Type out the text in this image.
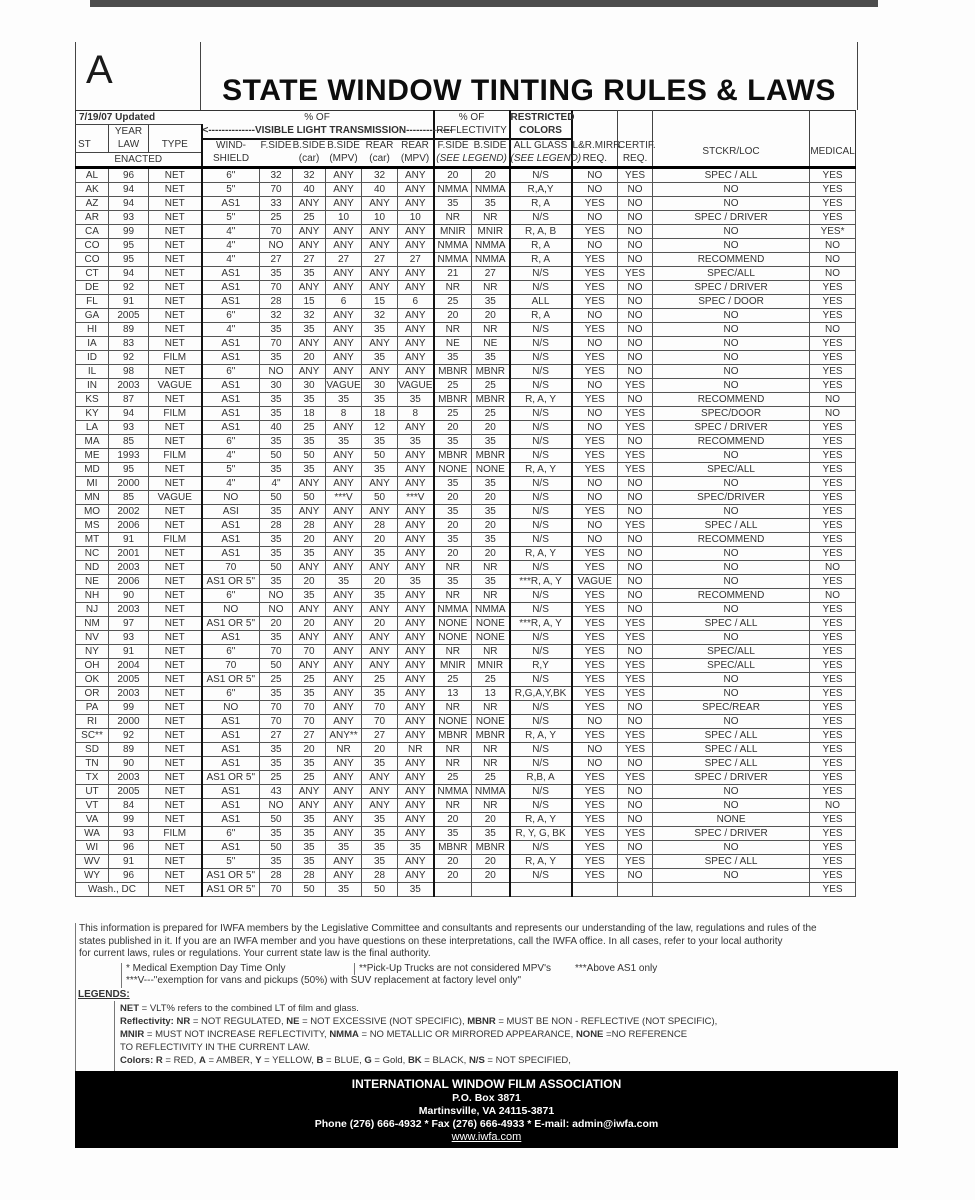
A	STATE WINDOW TINTING RULES & LAWS
7/19/07 Updated			% OF						% OF		RESTRICTED				
	YEAR		<--------------VISIBLE LIGHT TRANSMISSION--------------						REFLECTIVITY		COLORS				
ST	LAW	TYPE	WIND-	F.SIDE	B.SIDE	B.SIDE	REAR	REAR	F.SIDE	B.SIDE	ALL GLASS	L&R.MIRR.	CERTIF.	STCKR/LOC	MEDICAL
ENACTED			SHIELD		(car)	(MPV)	(car)	(MPV)	(SEE LEGEND)		(SEE LEGEND)	REQ.	REQ.		
AL	96	NET	6"	32	32	ANY	32	ANY	20	20	N/S	NO	YES	SPEC / ALL	YES
AK	94	NET	5"	70	40	ANY	40	ANY	NMMA	NMMA	R,A,Y	NO	NO	NO	YES
AZ	94	NET	AS1	33	ANY	ANY	ANY	ANY	35	35	R, A	YES	NO	NO	YES
AR	93	NET	5"	25	25	10	10	10	NR	NR	N/S	NO	NO	SPEC / DRIVER	YES
CA	99	NET	4"	70	ANY	ANY	ANY	ANY	MNIR	MNIR	R, A, B	YES	NO	NO	YES*
CO	95	NET	4"	NO	ANY	ANY	ANY	ANY	NMMA	NMMA	R, A	NO	NO	NO	NO
CO	95	NET	4"	27	27	27	27	27	NMMA	NMMA	R, A	YES	NO	RECOMMEND	NO
CT	94	NET	AS1	35	35	ANY	ANY	ANY	21	27	N/S	YES	YES	SPEC/ALL	NO
DE	92	NET	AS1	70	ANY	ANY	ANY	ANY	NR	NR	N/S	YES	NO	SPEC / DRIVER	YES
FL	91	NET	AS1	28	15	6	15	6	25	35	ALL	YES	NO	SPEC / DOOR	YES
GA	2005	NET	6"	32	32	ANY	32	ANY	20	20	R, A	NO	NO	NO	YES
HI	89	NET	4"	35	35	ANY	35	ANY	NR	NR	N/S	YES	NO	NO	NO
IA	83	NET	AS1	70	ANY	ANY	ANY	ANY	NE	NE	N/S	NO	NO	NO	YES
ID	92	FILM	AS1	35	20	ANY	35	ANY	35	35	N/S	YES	NO	NO	YES
IL	98	NET	6"	NO	ANY	ANY	ANY	ANY	MBNR	MBNR	N/S	YES	NO	NO	YES
IN	2003	VAGUE	AS1	30	30	VAGUE	30	VAGUE	25	25	N/S	NO	YES	NO	YES
KS	87	NET	AS1	35	35	35	35	35	MBNR	MBNR	R, A, Y	YES	NO	RECOMMEND	NO
KY	94	FILM	AS1	35	18	8	18	8	25	25	N/S	NO	YES	SPEC/DOOR	NO
LA	93	NET	AS1	40	25	ANY	12	ANY	20	20	N/S	NO	YES	SPEC / DRIVER	YES
MA	85	NET	6"	35	35	35	35	35	35	35	N/S	YES	NO	RECOMMEND	YES
ME	1993	FILM	4"	50	50	ANY	50	ANY	MBNR	MBNR	N/S	YES	YES	NO	YES
MD	95	NET	5"	35	35	ANY	35	ANY	NONE	NONE	R, A, Y	YES	YES	SPEC/ALL	YES
MI	2000	NET	4"	4"	ANY	ANY	ANY	ANY	35	35	N/S	NO	NO	NO	YES
MN	85	VAGUE	NO	50	50	***V	50	***V	20	20	N/S	NO	NO	SPEC/DRIVER	YES
MO	2002	NET	ASI	35	ANY	ANY	ANY	ANY	35	35	N/S	YES	NO	NO	YES
MS	2006	NET	AS1	28	28	ANY	28	ANY	20	20	N/S	NO	YES	SPEC / ALL	YES
MT	91	FILM	AS1	35	20	ANY	20	ANY	35	35	N/S	NO	NO	RECOMMEND	YES
NC	2001	NET	AS1	35	35	ANY	35	ANY	20	20	R, A, Y	YES	NO	NO	YES
ND	2003	NET	70	50	ANY	ANY	ANY	ANY	NR	NR	N/S	YES	NO	NO	NO
NE	2006	NET	AS1 OR 5"	35	20	35	20	35	35	35	***R, A, Y	VAGUE	NO	NO	YES
NH	90	NET	6"	NO	35	ANY	35	ANY	NR	NR	N/S	YES	NO	RECOMMEND	NO
NJ	2003	NET	NO	NO	ANY	ANY	ANY	ANY	NMMA	NMMA	N/S	YES	NO	NO	YES
NM	97	NET	AS1 OR 5"	20	20	ANY	20	ANY	NONE	NONE	***R, A, Y	YES	YES	SPEC / ALL	YES
NV	93	NET	AS1	35	ANY	ANY	ANY	ANY	NONE	NONE	N/S	YES	YES	NO	YES
NY	91	NET	6"	70	70	ANY	ANY	ANY	NR	NR	N/S	YES	NO	SPEC/ALL	YES
OH	2004	NET	70	50	ANY	ANY	ANY	ANY	MNIR	MNIR	R,Y	YES	YES	SPEC/ALL	YES
OK	2005	NET	AS1 OR 5"	25	25	ANY	25	ANY	25	25	N/S	YES	YES	NO	YES
OR	2003	NET	6"	35	35	ANY	35	ANY	13	13	R,G,A,Y,BK	YES	YES	NO	YES
PA	99	NET	NO	70	70	ANY	70	ANY	NR	NR	N/S	YES	NO	SPEC/REAR	YES
RI	2000	NET	AS1	70	70	ANY	70	ANY	NONE	NONE	N/S	NO	NO	NO	YES
SC**	92	NET	AS1	27	27	ANY**	27	ANY	MBNR	MBNR	R, A, Y	YES	YES	SPEC / ALL	YES
SD	89	NET	AS1	35	20	NR	20	NR	NR	NR	N/S	NO	YES	SPEC / ALL	YES
TN	90	NET	AS1	35	35	ANY	35	ANY	NR	NR	N/S	NO	NO	SPEC / ALL	YES
TX	2003	NET	AS1 OR 5"	25	25	ANY	ANY	ANY	25	25	R,B, A	YES	YES	SPEC / DRIVER	YES
UT	2005	NET	AS1	43	ANY	ANY	ANY	ANY	NMMA	NMMA	N/S	YES	NO	NO	YES
VT	84	NET	AS1	NO	ANY	ANY	ANY	ANY	NR	NR	N/S	YES	NO	NO	NO
VA	99	NET	AS1	50	35	ANY	35	ANY	20	20	R, A, Y	YES	NO	NONE	YES
WA	93	FILM	6"	35	35	ANY	35	ANY	35	35	R, Y, G, BK	YES	YES	SPEC / DRIVER	YES
WI	96	NET	AS1	50	35	35	35	35	MBNR	MBNR	N/S	YES	NO	NO	YES
WV	91	NET	5"	35	35	ANY	35	ANY	20	20	R, A, Y	YES	YES	SPEC / ALL	YES
WY	96	NET	AS1 OR 5"	28	28	ANY	28	ANY	20	20	N/S	YES	NO	NO	YES
Wash., DC		NET	AS1 OR 5"	70	50	35	50	35							YES
This information is prepared for IWFA members by the Legislative Committee and consultants and represents our understanding of the law, regulations and rules of the
states published in it. If you are an IWFA member and you have questions on these interpretations, call the IWFA office. In all cases, refer to your local authority
for current laws, rules or regulations. Your current state law is the final authority.
* Medical Exemption Day Time Only	**Pick-Up Trucks are not considered MPV's	***Above AS1 only
***V---"exemption for vans and pickups (50%) with SUV replacement at factory level only"
LEGENDS:
NET = VLT% refers to the combined LT of film and glass.
Reflectivity: NR = NOT REGULATED, NE = NOT EXCESSIVE (NOT SPECIFIC), MBNR = MUST BE NON - REFLECTIVE (NOT SPECIFIC),
MNIR = MUST NOT INCREASE REFLECTIVITY, NMMA = NO METALLIC OR MIRRORED APPEARANCE, NONE =NO REFERENCE
TO REFLECTIVITY IN THE CURRENT LAW.
Colors: R = RED, A = AMBER, Y = YELLOW, B = BLUE, G = Gold, BK = BLACK, N/S = NOT SPECIFIED,
INTERNATIONAL WINDOW FILM ASSOCIATION
P.O. Box 3871
Martinsville, VA 24115-3871
Phone (276) 666-4932 * Fax (276) 666-4933 * E-mail: admin@iwfa.com
www.iwfa.com
